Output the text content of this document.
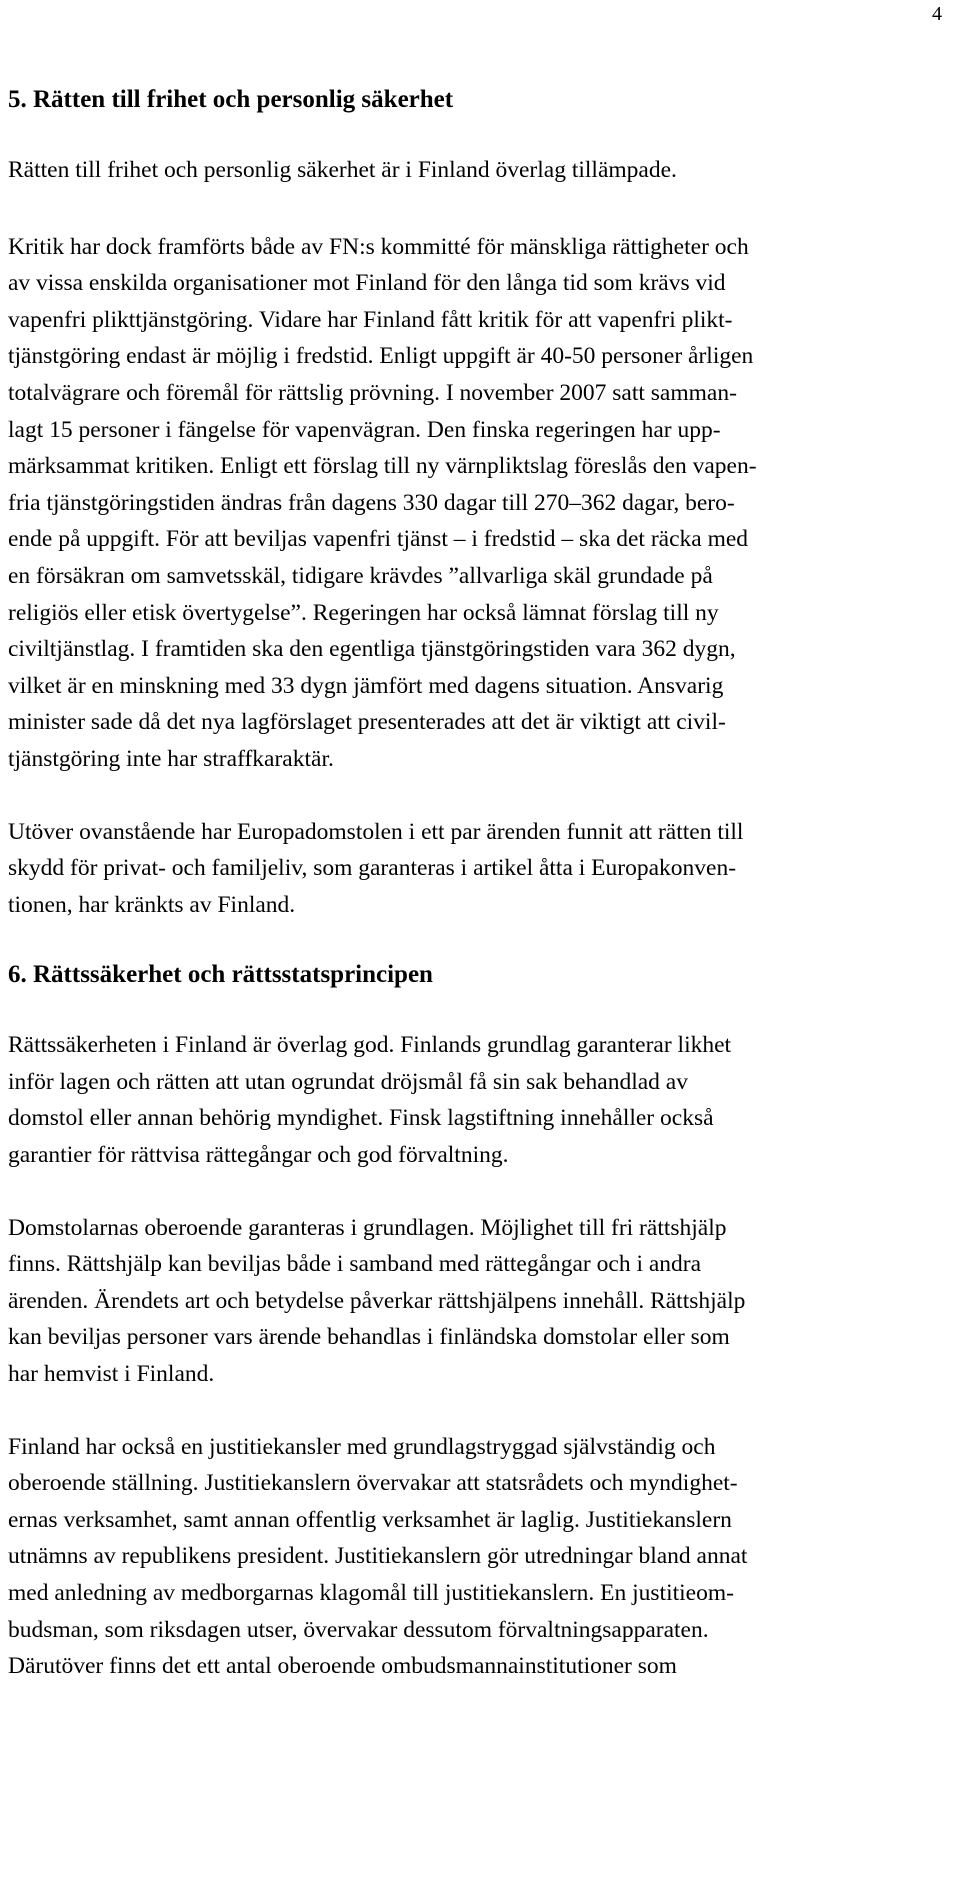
4
5. Rätten till frihet och personlig säkerhet

Rätten till frihet och personlig säkerhet är i Finland överlag tillämpade.

Kritik har dock framförts både av FN:s kommitté för mänskliga rättigheter och
av vissa enskilda organisationer mot Finland för den långa tid som krävs vid
vapenfri plikttjänstgöring. Vidare har Finland fått kritik för att vapenfri plikt-
tjänstgöring endast är möjlig i fredstid. Enligt uppgift är 40-50 personer årligen
totalvägrare och föremål för rättslig prövning. I november 2007 satt samman-
lagt 15 personer i fängelse för vapenvägran. Den finska regeringen har upp-
märksammat kritiken. Enligt ett förslag till ny värnpliktslag föreslås den vapen-
fria tjänstgöringstiden ändras från dagens 330 dagar till 270–362 dagar, bero-
ende på uppgift. För att beviljas vapenfri tjänst – i fredstid – ska det räcka med
en försäkran om samvetsskäl, tidigare krävdes ”allvarliga skäl grundade på
religiös eller etisk övertygelse”. Regeringen har också lämnat förslag till ny
civiltjänstlag. I framtiden ska den egentliga tjänstgöringstiden vara 362 dygn,
vilket är en minskning med 33 dygn jämfört med dagens situation. Ansvarig
minister sade då det nya lagförslaget presenterades att det är viktigt att civil-
tjänstgöring inte har straffkaraktär.

Utöver ovanstående har Europadomstolen i ett par ärenden funnit att rätten till
skydd för privat- och familjeliv, som garanteras i artikel åtta i Europakonven-
tionen, har kränkts av Finland.

6. Rättssäkerhet och rättsstatsprincipen

Rättssäkerheten i Finland är överlag god. Finlands grundlag garanterar likhet
inför lagen och rätten att utan ogrundat dröjsmål få sin sak behandlad av
domstol eller annan behörig myndighet. Finsk lagstiftning innehåller också
garantier för rättvisa rättegångar och god förvaltning.

Domstolarnas oberoende garanteras i grundlagen. Möjlighet till fri rättshjälp
finns. Rättshjälp kan beviljas både i samband med rättegångar och i andra
ärenden. Ärendets art och betydelse påverkar rättshjälpens innehåll. Rättshjälp
kan beviljas personer vars ärende behandlas i finländska domstolar eller som
har hemvist i Finland.

Finland har också en justitiekansler med grundlagstryggad självständig och
oberoende ställning. Justitiekanslern övervakar att statsrådets och myndighet-
ernas verksamhet, samt annan offentlig verksamhet är laglig. Justitiekanslern
utnämns av republikens president. Justitiekanslern gör utredningar bland annat
med anledning av medborgarnas klagomål till justitiekanslern. En justitieom-
budsman, som riksdagen utser, övervakar dessutom förvaltningsapparaten.
Därutöver finns det ett antal oberoende ombudsmannainstitutioner som
